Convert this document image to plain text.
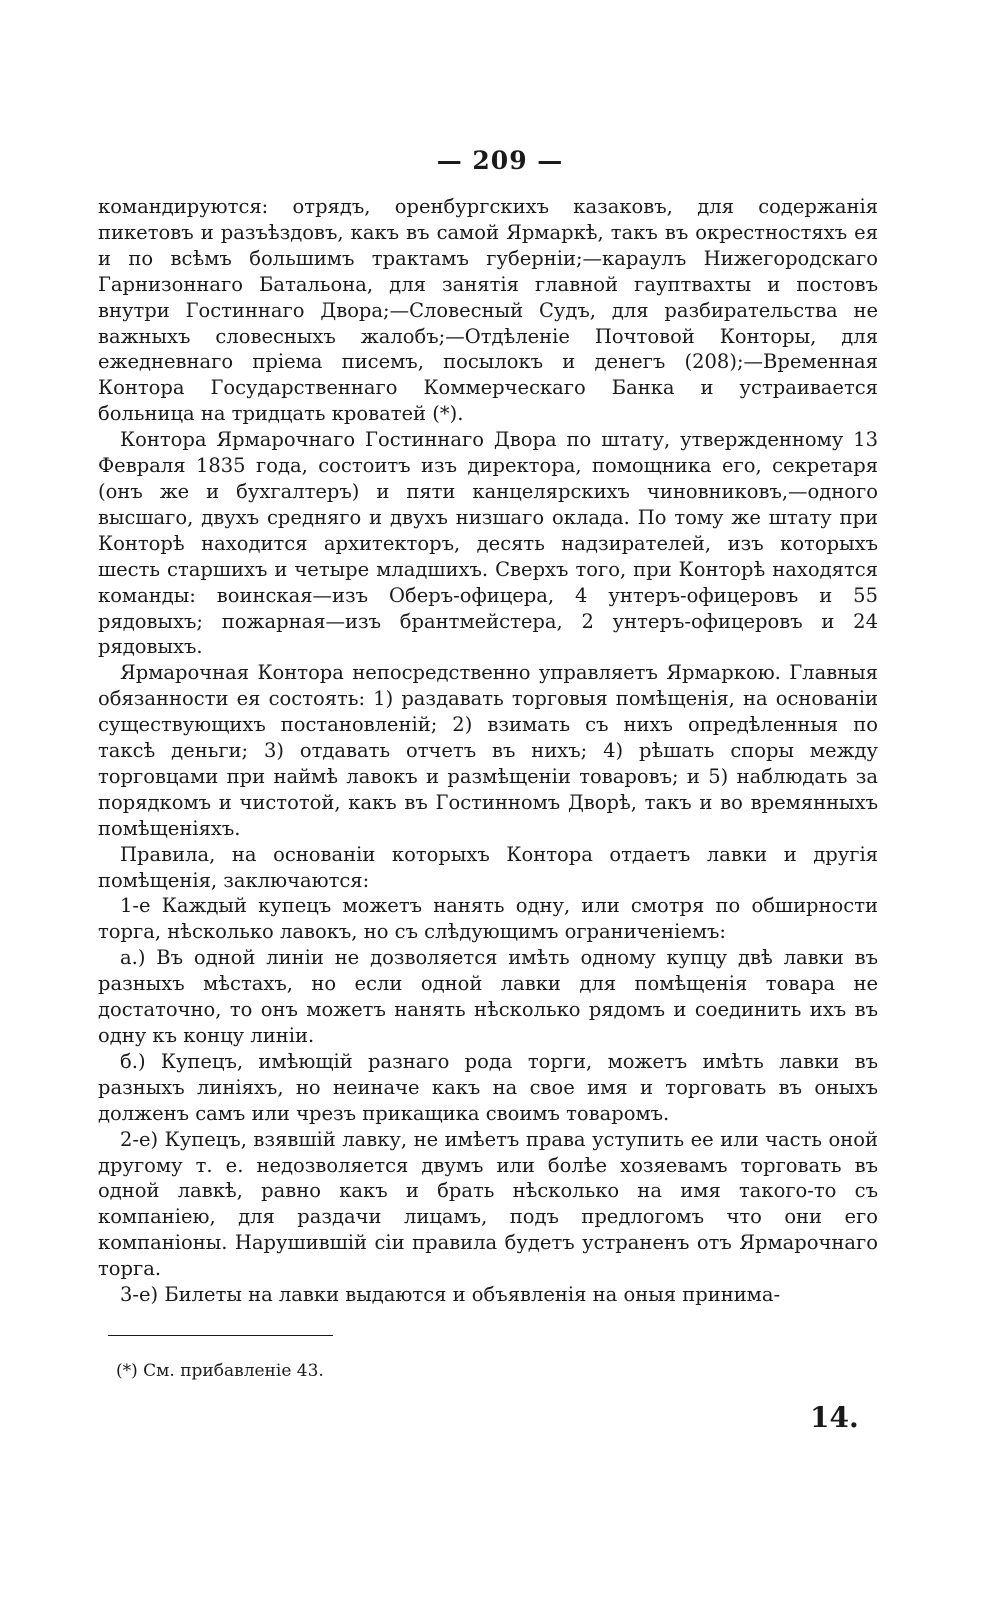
— 209 —

командируются: отрядъ, оренбургскихъ казаковъ, для содержанія пикетовъ и разъѣздовъ, какъ въ самой Ярмаркѣ, такъ въ окрестностяхъ ея и по всѣмъ большимъ трактамъ губерніи;—караулъ Нижегородскаго Гарнизоннаго Батальона, для занятія главной гауптвахты и постовъ внутри Гостиннаго Двора;—Словесный Судъ, для разбирательства не важныхъ словесныхъ жалобъ;—Отдѣленіе Почтовой Конторы, для ежедневнаго пріема писемъ, посылокъ и денегъ (208);—Временная Контора Государственнаго Коммерческаго Банка и устраивается больница на тридцать кроватей (*).

Контора Ярмарочнаго Гостиннаго Двора по штату, утвержденному 13 Февраля 1835 года, состоитъ изъ директора, помощника его, секретаря (онъ же и бухгалтеръ) и пяти канцелярскихъ чиновниковъ,—одного высшаго, двухъ средняго и двухъ низшаго оклада. По тому же штату при Конторѣ находится архитекторъ, десять надзирателей, изъ которыхъ шесть старшихъ и четыре младшихъ. Сверхъ того, при Конторѣ находятся команды: воинская—изъ Оберъ-офицера, 4 унтеръ-офицеровъ и 55 рядовыхъ; пожарная—изъ брантмейстера, 2 унтеръ-офицеровъ и 24 рядовыхъ.

Ярмарочная Контора непосредственно управляетъ Ярмаркою. Главныя обязанности ея состоять: 1) раздавать торговыя помѣщенія, на основаніи существующихъ постановленій; 2) взимать съ нихъ опредѣленныя по таксѣ деньги; 3) отдавать отчетъ въ нихъ; 4) рѣшать споры между торговцами при наймѣ лавокъ и размѣщеніи товаровъ; и 5) наблюдать за порядкомъ и чистотой, какъ въ Гостинномъ Дворѣ, такъ и во времянныхъ помѣщеніяхъ.

Правила, на основаніи которыхъ Контора отдаетъ лавки и другія помѣщенія, заключаются:

1-е Каждый купецъ можетъ нанять одну, или смотря по обширности торга, нѣсколько лавокъ, но съ слѣдующимъ ограниченіемъ:

а.) Въ одной линіи не дозволяется имѣть одному купцу двѣ лавки въ разныхъ мѣстахъ, но если одной лавки для помѣщенія товара не достаточно, то онъ можетъ нанять нѣсколько рядомъ и соединить ихъ въ одну къ концу линіи.

б.) Купецъ, имѣющій разнаго рода торги, можетъ имѣть лавки въ разныхъ линіяхъ, но неиначе какъ на свое имя и торговать въ оныхъ долженъ самъ или чрезъ прикащика своимъ товаромъ.

2-е) Купецъ, взявшій лавку, не имѣетъ права уступить ее или часть оной другому т. е. недозволяется двумъ или болѣе хозяевамъ торговать въ одной лавкѣ, равно какъ и брать нѣсколько на имя такого-то съ компаніею, для раздачи лицамъ, подъ предлогомъ что они его компаніоны. Нарушившій сіи правила будетъ устраненъ отъ Ярмарочнаго торга.

3-е) Билеты на лавки выдаются и объявленія на оныя принима-

(*) См. прибавленіе 43.
14.
